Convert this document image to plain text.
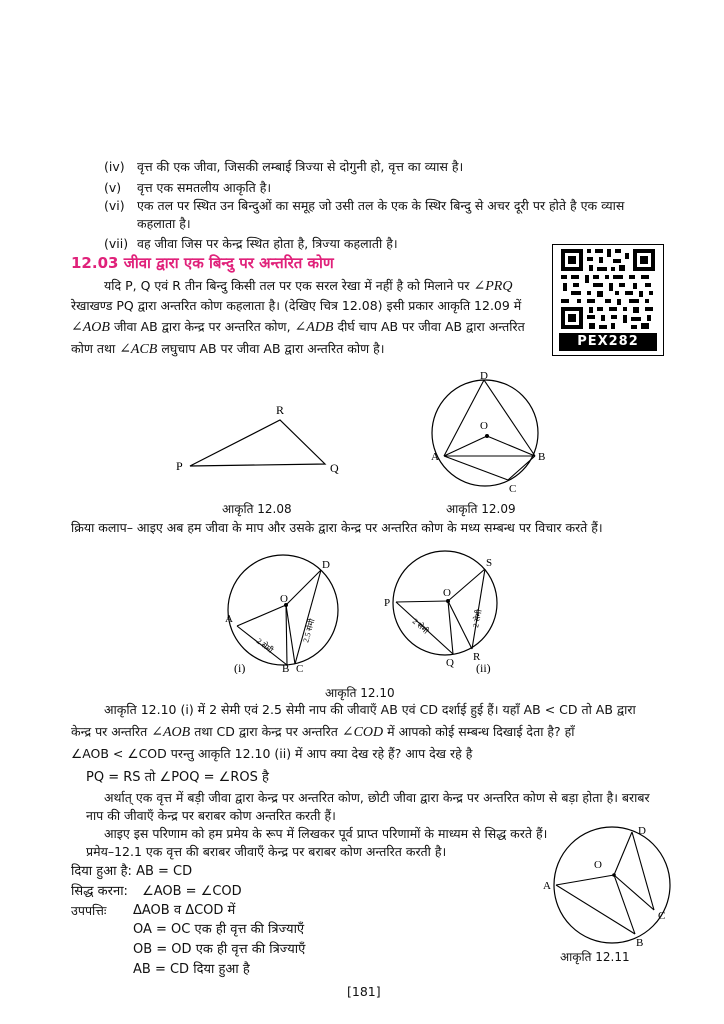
(iv) वृत्त की एक जीवा, जिसकी लम्बाई त्रिज्या से दोगुनी हो, वृत्त का व्यास है।
(v) वृत्त एक समतलीय आकृति है।
(vi) एक तल पर स्थित उन बिन्दुओं का समूह जो उसी तल के एक के स्थिर बिन्दु से अचर दूरी पर होते है एक व्यास
कहलाता है।
(vii) वह जीवा जिस पर केन्द्र स्थित होता है, त्रिज्या कहलाती है।
12.03 जीवा द्वारा एक बिन्दु पर अन्तरित कोण
PEX282
यदि P, Q एवं R तीन बिन्दु किसी तल पर एक सरल रेखा में नहीं है को मिलाने पर ∠PRQ
रेखाखण्ड PQ द्वारा अन्तरित कोण कहलाता है। (देखिए चित्र 12.08) इसी प्रकार आकृति 12.09 में
∠AOB जीवा AB द्वारा केन्द्र पर अन्तरित कोण, ∠ADB दीर्घ चाप AB पर जीवा AB द्वारा अन्तरित
कोण तथा ∠ACB लघुचाप AB पर जीवा AB द्वारा अन्तरित कोण है।
P	Q
R
आकृति 12.08
D
O
A	B
C
आकृति 12.09
क्रिया कलाप– आइए अब हम जीवा के माप और उसके द्वारा केन्द्र पर अन्तरित कोण के मध्य सम्बन्ध पर विचार करते हैं।
O
A
B C
D
2 सेमी
2.5 सेमी
(i)
O
P
Q R
S
2 सेमी	2 सेमी
(ii)
आकृति 12.10
आकृति 12.10 (i) में 2 सेमी एवं 2.5 सेमी नाप की जीवाएँ AB एवं CD दर्शाई हुई हैं। यहाँ AB < CD तो AB द्वारा
केन्द्र पर अन्तरित ∠AOB तथा CD द्वारा केन्द्र पर अन्तरित ∠COD में आपको कोई सम्बन्ध दिखाई देता है? हाँ
∠AOB < ∠COD परन्तु आकृति 12.10 (ii) में आप क्या देख रहे हैं? आप देख रहे है
PQ = RS तो ∠POQ = ∠ROS है
अर्थात् एक वृत्त में बड़ी जीवा द्वारा केन्द्र पर अन्तरित कोण, छोटी जीवा द्वारा केन्द्र पर अन्तरित कोण से बड़ा होता है। बराबर
नाप की जीवाएँ केन्द्र पर बराबर कोण अन्तरित करती हैं।
आइए इस परिणाम को हम प्रमेय के रूप में लिखकर पूर्व प्राप्त परिणामों के माध्यम से सिद्ध करते हैं।
प्रमेय–12.1 एक वृत्त की बराबर जीवाएँ केन्द्र पर बराबर कोण अन्तरित करती है।
दिया हुआ है: AB = CD
सिद्ध करना: ∠AOB = ∠COD
उपपत्तिः ΔAOB व ΔCOD में
OA = OC एक ही वृत्त की त्रिज्याएँ
OB = OD एक ही वृत्त की त्रिज्याएँ
AB = CD दिया हुआ है
O
A
B
C
D
आकृति 12.11
[181]
